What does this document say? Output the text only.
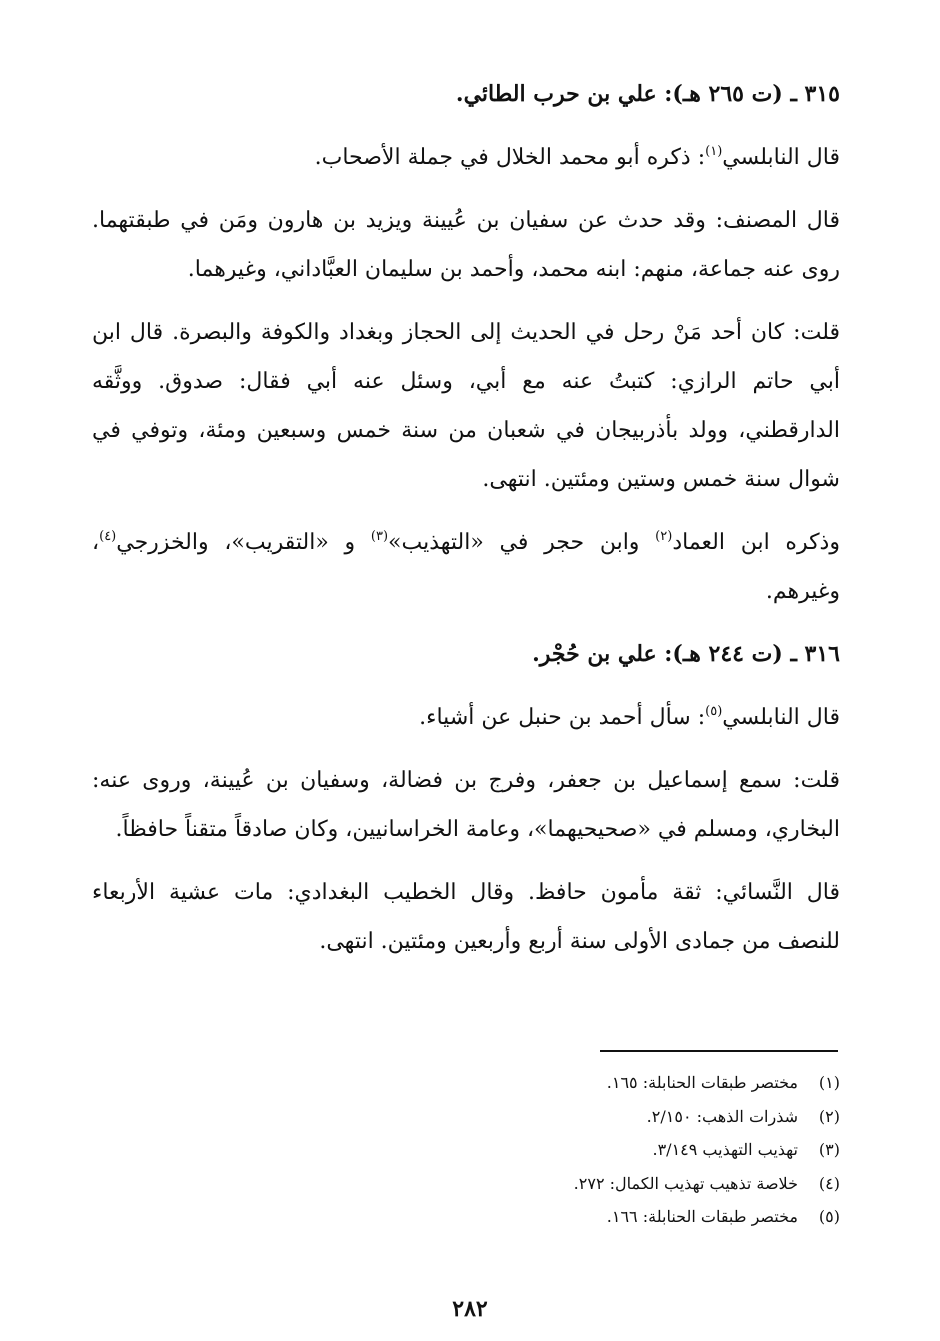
٣١٥ ـ (ت ٢٦٥ هـ): علي بن حرب الطائي.

قال النابلسي$^{(١)}$: ذكره أبو محمد الخلال في جملة الأصحاب.

قال المصنف: وقد حدث عن سفيان بن عُيينة ويزيد بن هارون ومَن في طبقتهما. روى عنه جماعة، منهم: ابنه محمد، وأحمد بن سليمان العبَّاداني، وغيرهما.

قلت: كان أحد مَنْ رحل في الحديث إلى الحجاز وبغداد والكوفة والبصرة. قال ابن أبي حاتم الرازي: كتبتُ عنه مع أبي، وسئل عنه أبي فقال: صدوق. ووثَّقه الدارقطني، وولد بأذربيجان في شعبان من سنة خمس وسبعين ومئة، وتوفي في شوال سنة خمس وستين ومئتين. انتهى.

وذكره ابن العماد$^{(٢)}$ وابن حجر في «التهذيب»$^{(٣)}$ و «التقريب»، والخزرجي$^{(٤)}$، وغيرهم.

٣١٦ ـ (ت ٢٤٤ هـ): علي بن حُجْر.

قال النابلسي$^{(٥)}$: سأل أحمد بن حنبل عن أشياء.

قلت: سمع إسماعيل بن جعفر، وفرج بن فضالة، وسفيان بن عُيينة، وروى عنه: البخاري، ومسلم في «صحيحيهما»، وعامة الخراسانيين، وكان صادقاً متقناً حافظاً.

قال النَّسائي: ثقة مأمون حافظ. وقال الخطيب البغدادي: مات عشية الأربعاء للنصف من جمادى الأولى سنة أربع وأربعين ومئتين. انتهى.

(١)
مختصر طبقات الحنابلة: ١٦٥.
(٢)
شذرات الذهب: ٢/١٥٠.
(٣)
تهذيب التهذيب ٣/١٤٩.
(٤)
خلاصة تذهيب تهذيب الكمال: ٢٧٢.
(٥)
مختصر طبقات الحنابلة: ١٦٦.
٢٨٢
